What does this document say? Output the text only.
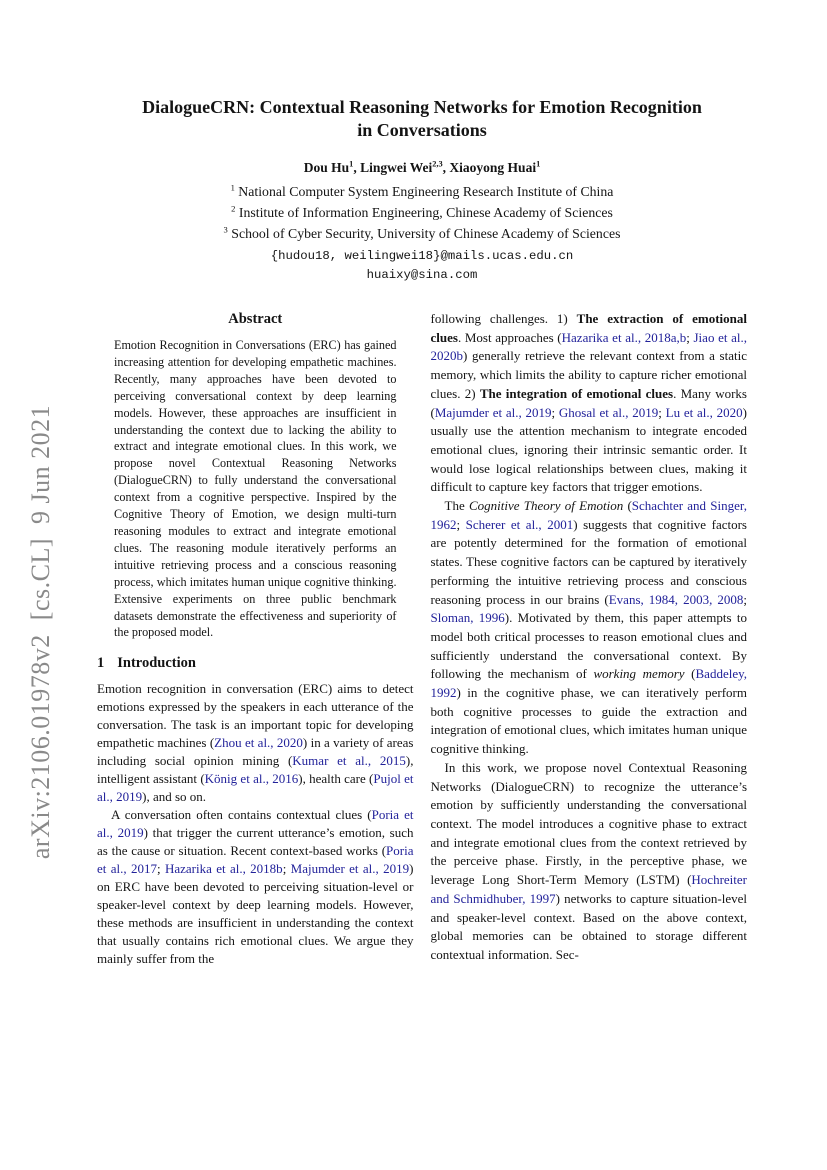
arXiv:2106.01978v2  [cs.CL]  9 Jun 2021
DialogueCRN: Contextual Reasoning Networks for Emotion Recognition
in Conversations
Dou Hu$^1$, Lingwei Wei$^{2,3}$, Xiaoyong Huai$^1$
$^1$ National Computer System Engineering Research Institute of China
$^2$ Institute of Information Engineering, Chinese Academy of Sciences
$^3$ School of Cyber Security, University of Chinese Academy of Sciences
{hudou18, weilingwei18}@mails.ucas.edu.cn
huaixy@sina.com
Abstract
Emotion Recognition in Conversations (ERC) has gained increasing attention for developing empathetic machines. Recently, many approaches have been devoted to perceiving conversational context by deep learning models. However, these approaches are insufficient in understanding the context due to lacking the ability to extract and integrate emotional clues. In this work, we propose novel Contextual Reasoning Networks (DialogueCRN) to fully understand the conversational context from a cognitive perspective. Inspired by the Cognitive Theory of Emotion, we design multi-turn reasoning modules to extract and integrate emotional clues. The reasoning module iteratively performs an intuitive retrieving process and a conscious reasoning process, which imitates human unique cognitive thinking. Extensive experiments on three public benchmark datasets demonstrate the effectiveness and superiority of the proposed model.
1 Introduction

Emotion recognition in conversation (ERC) aims to detect emotions expressed by the speakers in each utterance of the conversation. The task is an important topic for developing empathetic machines (Zhou et al., 2020) in a variety of areas including social opinion mining (Kumar et al., 2015), intelligent assistant (König et al., 2016), health care (Pujol et al., 2019), and so on.

A conversation often contains contextual clues (Poria et al., 2019) that trigger the current utterance’s emotion, such as the cause or situation. Recent context-based works (Poria et al., 2017; Hazarika et al., 2018b; Majumder et al., 2019) on ERC have been devoted to perceiving situation-level or speaker-level context by deep learning models. However, these methods are insufficient in understanding the context that usually contains rich emotional clues. We argue they mainly suffer from the

following challenges. 1) The extraction of emotional clues. Most approaches (Hazarika et al., 2018a,b; Jiao et al., 2020b) generally retrieve the relevant context from a static memory, which limits the ability to capture richer emotional clues. 2) The integration of emotional clues. Many works (Majumder et al., 2019; Ghosal et al., 2019; Lu et al., 2020) usually use the attention mechanism to integrate encoded emotional clues, ignoring their intrinsic semantic order. It would lose logical relationships between clues, making it difficult to capture key factors that trigger emotions.

The Cognitive Theory of Emotion (Schachter and Singer, 1962; Scherer et al., 2001) suggests that cognitive factors are potently determined for the formation of emotional states. These cognitive factors can be captured by iteratively performing the intuitive retrieving process and conscious reasoning process in our brains (Evans, 1984, 2003, 2008; Sloman, 1996). Motivated by them, this paper attempts to model both critical processes to reason emotional clues and sufficiently understand the conversational context. By following the mechanism of working memory (Baddeley, 1992) in the cognitive phase, we can iteratively perform both cognitive processes to guide the extraction and integration of emotional clues, which imitates human unique cognitive thinking.

In this work, we propose novel Contextual Reasoning Networks (DialogueCRN) to recognize the utterance’s emotion by sufficiently understanding the conversational context. The model introduces a cognitive phase to extract and integrate emotional clues from the context retrieved by the perceive phase. Firstly, in the perceptive phase, we leverage Long Short-Term Memory (LSTM) (Hochreiter and Schmidhuber, 1997) networks to capture situation-level and speaker-level context. Based on the above context, global memories can be obtained to storage different contextual information. Sec-
